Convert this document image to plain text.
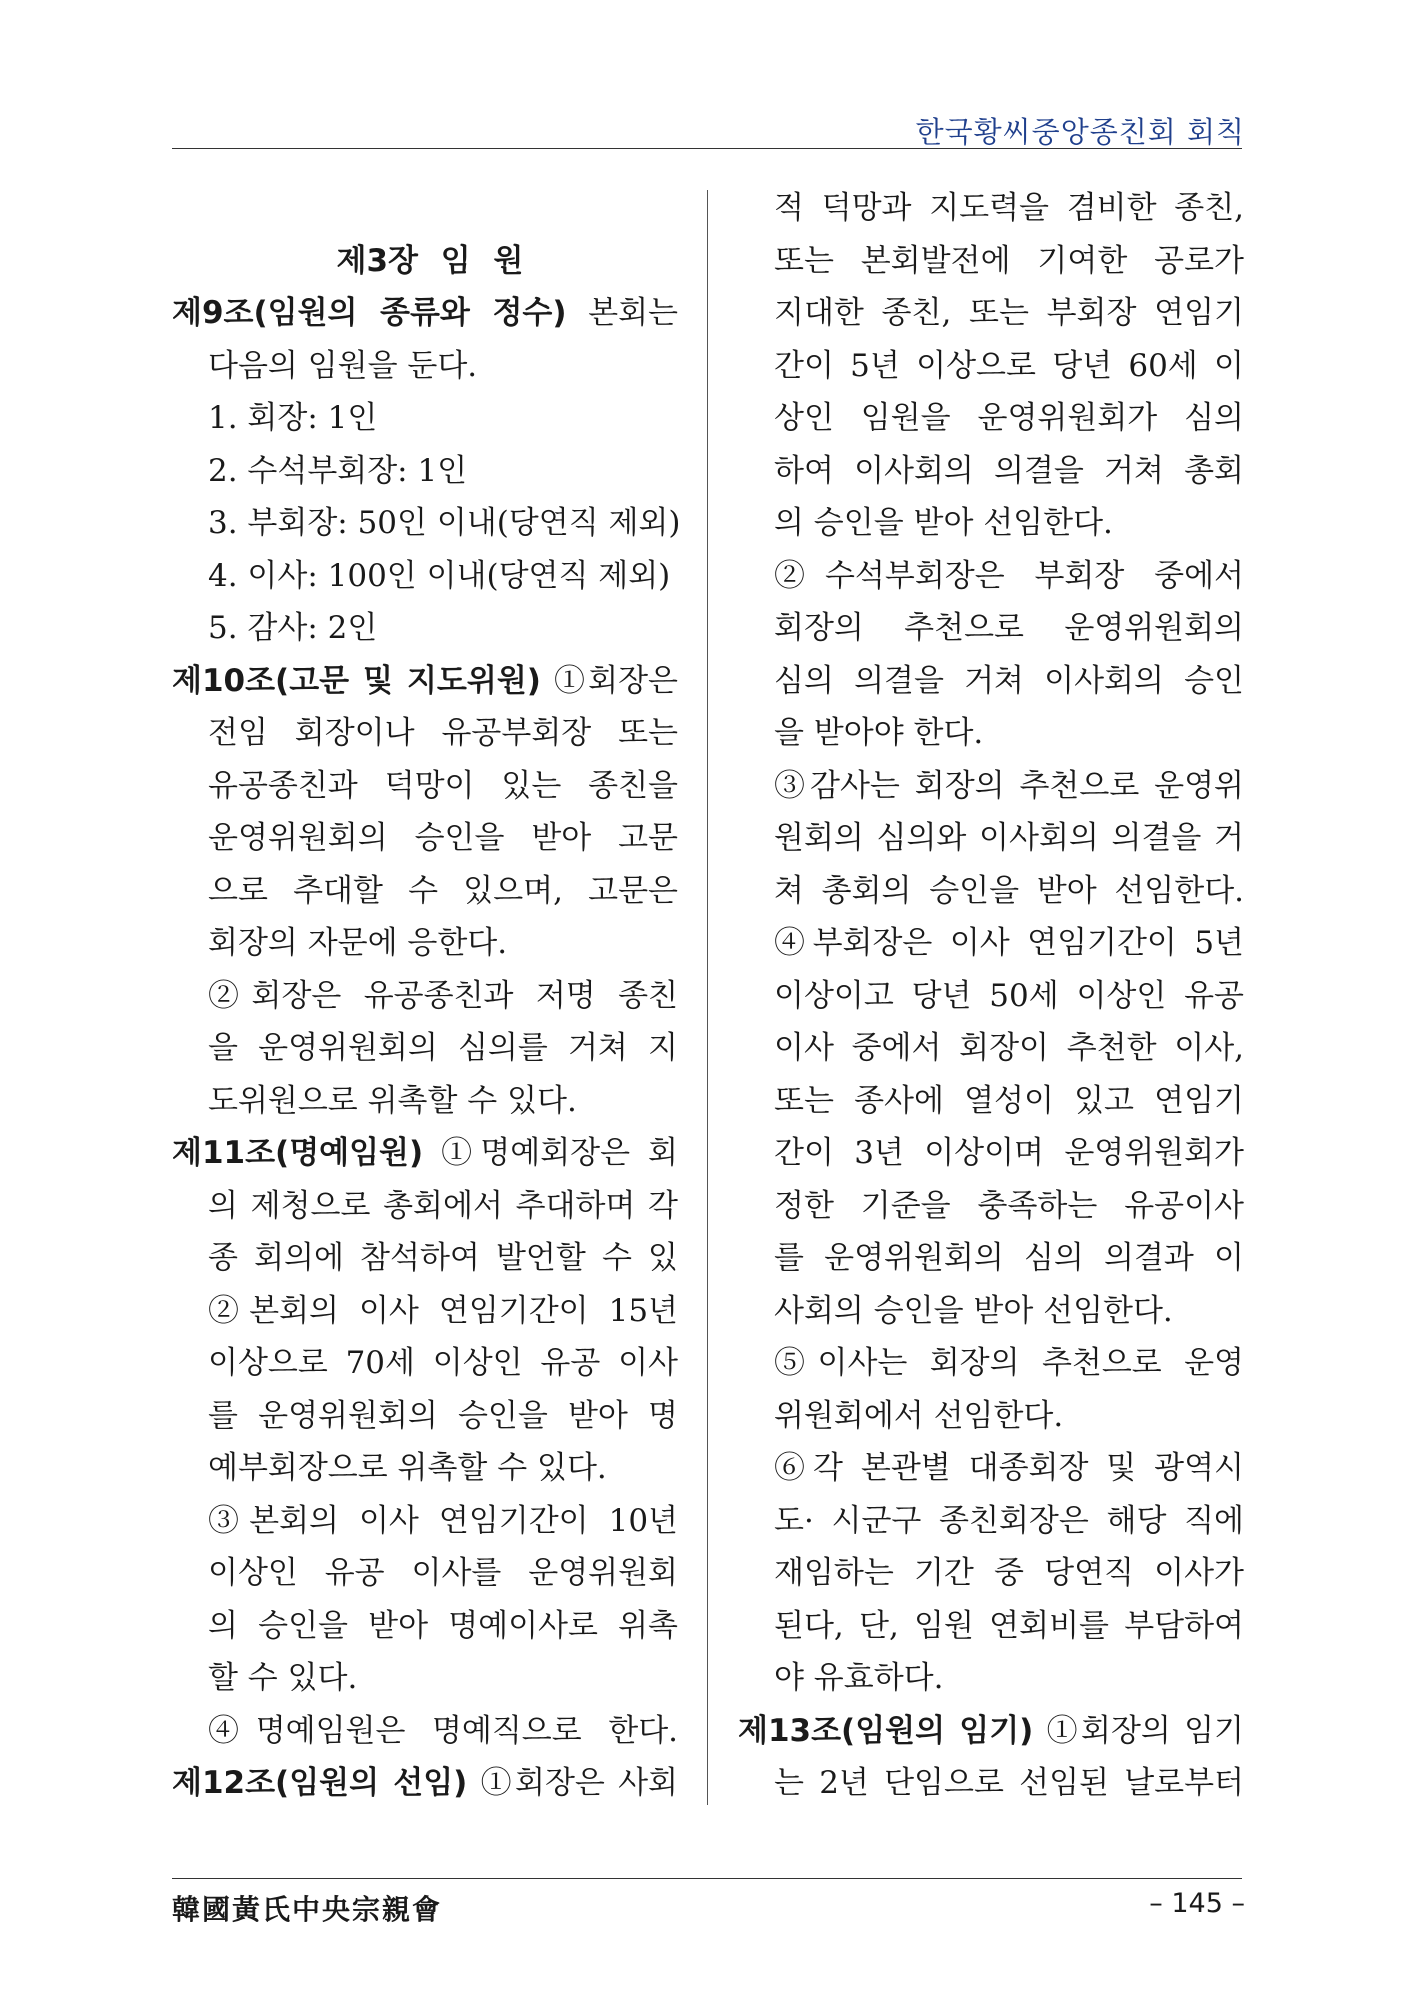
한국황씨중앙종친회 회칙
제3장 임 원
제9조(임원의 종류와 정수) 본회는
다음의 임원을 둔다.
1. 회장: 1인
2. 수석부회장: 1인
3. 부회장: 50인 이내(당연직 제외)
4. 이사: 100인 이내(당연직 제외)
5. 감사: 2인
제10조(고문 및 지도위원) ①회장은
전임 회장이나 유공부회장 또는
유공종친과 덕망이 있는 종친을
운영위원회의 승인을 받아 고문
으로 추대할 수 있으며, 고문은
회장의 자문에 응한다.
②회장은 유공종친과 저명 종친
을 운영위원회의 심의를 거쳐 지
도위원으로 위촉할 수 있다.
제11조(명예임원) ①명예회장은 회
의 제청으로 총회에서 추대하며 각
종 회의에 참석하여 발언할 수 있
②본회의 이사 연임기간이 15년
이상으로 70세 이상인 유공 이사
를 운영위원회의 승인을 받아 명
예부회장으로 위촉할 수 있다.
③본회의 이사 연임기간이 10년
이상인 유공 이사를 운영위원회
의 승인을 받아 명예이사로 위촉
할 수 있다.
④명예임원은 명예직으로 한다.
제12조(임원의 선임) ①회장은 사회
적 덕망과 지도력을 겸비한 종친,
또는 본회발전에 기여한 공로가
지대한 종친, 또는 부회장 연임기
간이 5년 이상으로 당년 60세 이
상인 임원을 운영위원회가 심의
하여 이사회의 의결을 거쳐 총회
의 승인을 받아 선임한다.
②수석부회장은 부회장 중에서
회장의 추천으로 운영위원회의
심의 의결을 거쳐 이사회의 승인
을 받아야 한다.
③감사는 회장의 추천으로 운영위
원회의 심의와 이사회의 의결을 거
쳐 총회의 승인을 받아 선임한다.
④부회장은 이사 연임기간이 5년
이상이고 당년 50세 이상인 유공
이사 중에서 회장이 추천한 이사,
또는 종사에 열성이 있고 연임기
간이 3년 이상이며 운영위원회가
정한 기준을 충족하는 유공이사
를 운영위원회의 심의 의결과 이
사회의 승인을 받아 선임한다.
⑤이사는 회장의 추천으로 운영
위원회에서 선임한다.
⑥각 본관별 대종회장 및 광역시
도· 시군구 종친회장은 해당 직에
재임하는 기간 중 당연직 이사가
된다, 단, 임원 연회비를 부담하여
야 유효하다.
제13조(임원의 임기) ①회장의 임기
는 2년 단임으로 선임된 날로부터
韓國黃氏中央宗親會	– 145 –
